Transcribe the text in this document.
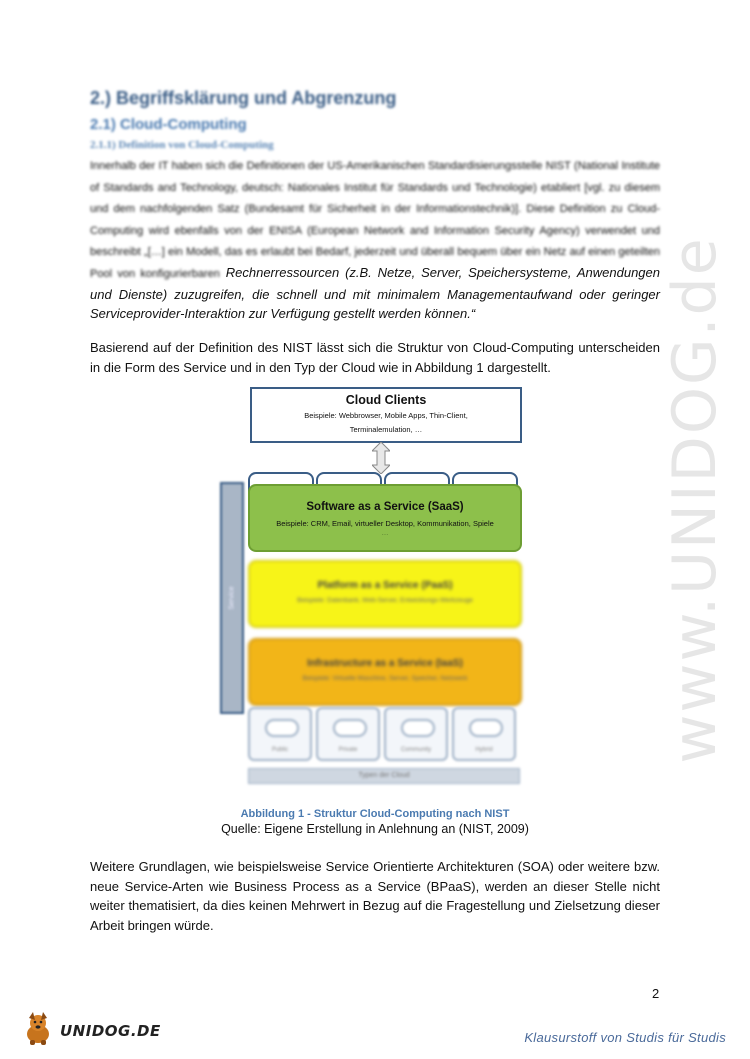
www.UNIDOG.de
2.) Begriffsklärung und Abgrenzung
2.1) Cloud-Computing
2.1.1) Definition von Cloud-Computing
Innerhalb der IT haben sich die Definitionen der US-Amerikanischen Standardisierungsstelle NIST (National Institute of Standards and Technology, deutsch: Nationales Institut für Standards und Technologie) etabliert [vgl. zu diesem und dem nachfolgenden Satz (Bundesamt für Sicherheit in der Informationstechnik)]. Diese Definition zu Cloud-Computing wird ebenfalls von der ENISA (European Network and Information Security Agency) verwendet und beschreibt „[…] ein Modell, das es erlaubt bei Bedarf, jederzeit und überall bequem über ein Netz auf einen geteilten Pool von konfigurierbaren Rechnerressourcen (z.B. Netze, Server, Speichersysteme, Anwendungen und Dienste) zuzugreifen, die schnell und mit minimalem Managementaufwand oder geringer Serviceprovider-Interaktion zur Verfügung gestellt werden können.“
Basierend auf der Definition des NIST lässt sich die Struktur von Cloud-Computing unterscheiden in die Form des Service und in den Typ der Cloud wie in Abbildung 1 dargestellt.
Cloud Clients
Beispiele: Webbrowser, Mobile Apps, Thin-Client,
Terminalemulation, …
Service
Software as a Service (SaaS)
Beispiele: CRM, Email, virtueller Desktop, Kommunikation, Spiele
…
Platform as a Service (PaaS)
Beispiele: Datenbank, Web-Server, Entwicklungs-Werkzeuge
Infrastructure as a Service (IaaS)
Beispiele: Virtuelle Maschine, Server, Speicher, Netzwerk
Public	Private	Community	Hybrid
Typen der Cloud
Abbildung 1 - Struktur Cloud-Computing nach NIST
Quelle: Eigene Erstellung in Anlehnung an (NIST, 2009)
Weitere Grundlagen, wie beispielsweise Service Orientierte Architekturen (SOA) oder weitere bzw. neue Service-Arten wie Business Process as a Service (BPaaS), werden an dieser Stelle nicht weiter thematisiert, da dies keinen Mehrwert in Bezug auf die Fragestellung und Zielsetzung dieser Arbeit bringen würde.
2
UNIDOG.DE	Klausurstoff von Studis für Studis
